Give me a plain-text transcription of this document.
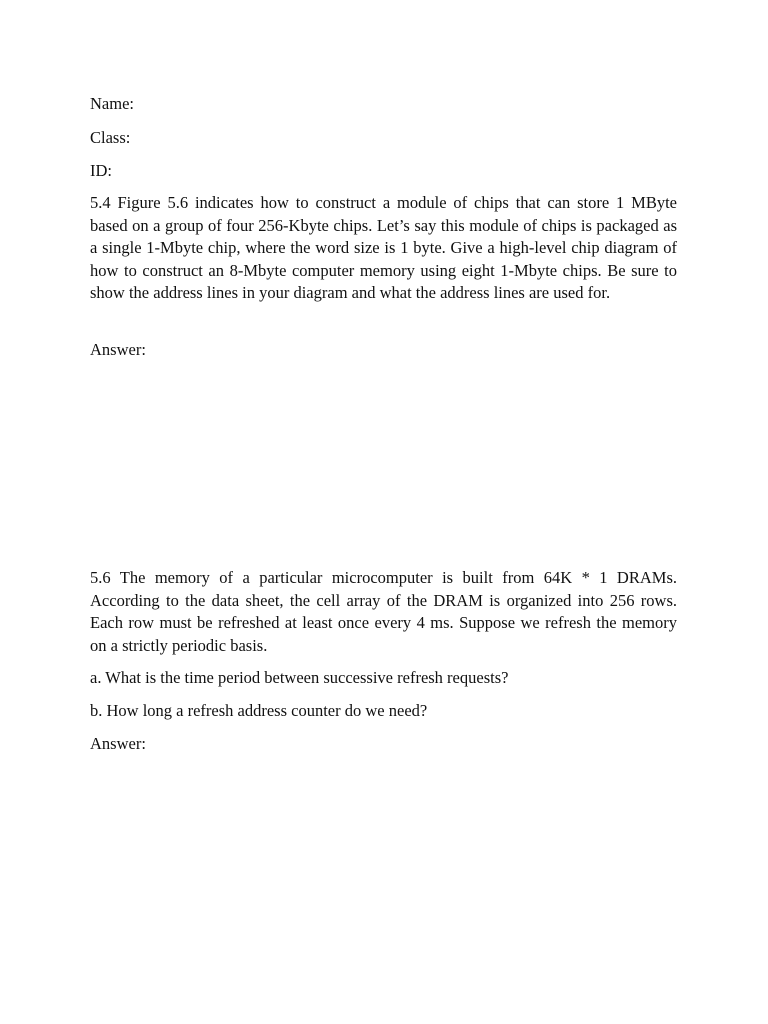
Name:

Class:

ID:

5.4 Figure 5.6 indicates how to construct a module of chips that can store 1 MByte based on a group of four 256-Kbyte chips. Let’s say this module of chips is packaged as a single 1-Mbyte chip, where the word size is 1 byte. Give a high-level chip diagram of how to construct an 8-Mbyte computer memory using eight 1-Mbyte chips. Be sure to show the address lines in your diagram and what the address lines are used for.

Answer:

5.6 The memory of a particular microcomputer is built from 64K * 1 DRAMs. According to the data sheet, the cell array of the DRAM is organized into 256 rows. Each row must be refreshed at least once every 4 ms. Suppose we refresh the memory on a strictly periodic basis.

a. What is the time period between successive refresh requests?

b. How long a refresh address counter do we need?

Answer:
